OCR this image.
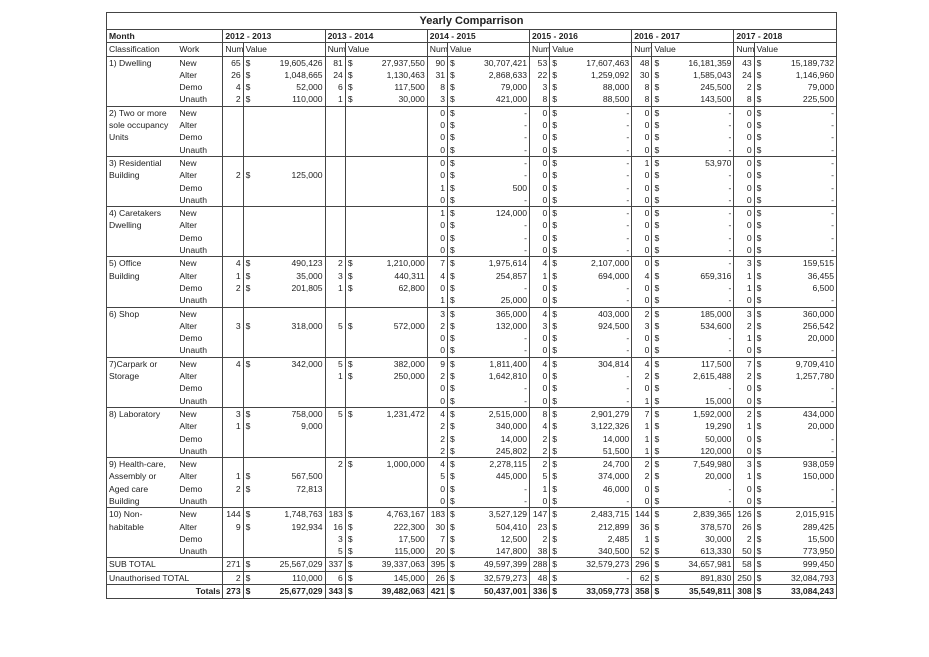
Yearly Comparrison																			
Month		2012 - 2013			2013 - 2014			2014 - 2015			2015 - 2016			2016 - 2017			2017 - 2018		
Classification	Work	Num	Value		Num	Value		Num	Value		Num	Value		Num	Value		Num	Value	
1) Dwelling	New	65	$	19,605,426	81	$	27,937,550	90	$	30,707,421	53	$	17,607,463	48	$	16,181,359	43	$	15,189,732
	Alter	26	$	1,048,665	24	$	1,130,463	31	$	2,868,633	22	$	1,259,092	30	$	1,585,043	24	$	1,146,960
	Demo	4	$	52,000	6	$	117,500	8	$	79,000	3	$	88,000	8	$	245,500	2	$	79,000
	Unauth	2	$	110,000	1	$	30,000	3	$	421,000	8	$	88,500	8	$	143,500	8	$	225,500
2) Two or more	New							0	$	-	0	$	-	0	$	-	0	$	-
sole occupancy	Alter							0	$	-	0	$	-	0	$	-	0	$	-
Units	Demo							0	$	-	0	$	-	0	$	-	0	$	-
	Unauth							0	$	-	0	$	-	0	$	-	0	$	-
3) Residential	New							0	$	-	0	$	-	1	$	53,970	0	$	-
Building	Alter	2	$	125,000				0	$	-	0	$	-	0	$	-	0	$	-
	Demo							1	$	500	0	$	-	0	$	-	0	$	-
	Unauth							0	$	-	0	$	-	0	$	-	0	$	-
4) Caretakers	New							1	$	124,000	0	$	-	0	$	-	0	$	-
Dwelling	Alter							0	$	-	0	$	-	0	$	-	0	$	-
	Demo							0	$	-	0	$	-	0	$	-	0	$	-
	Unauth							0	$	-	0	$	-	0	$	-	0	$	-
5) Office	New	4	$	490,123	2	$	1,210,000	7	$	1,975,614	4	$	2,107,000	0	$	-	3	$	159,515
Building	Alter	1	$	35,000	3	$	440,311	4	$	254,857	1	$	694,000	4	$	659,316	1	$	36,455
	Demo	2	$	201,805	1	$	62,800	0	$	-	0	$	-	0	$	-	1	$	6,500
	Unauth							1	$	25,000	0	$	-	0	$	-	0	$	-
6) Shop	New							3	$	365,000	4	$	403,000	2	$	185,000	3	$	360,000
	Alter	3	$	318,000	5	$	572,000	2	$	132,000	3	$	924,500	3	$	534,600	2	$	256,542
	Demo							0	$	-	0	$	-	0	$	-	1	$	20,000
	Unauth							0	$	-	0	$	-	0	$	-	0	$	-
7)Carpark or	New	4	$	342,000	5	$	382,000	9	$	1,811,400	4	$	304,814	4	$	117,500	7	$	9,709,410
Storage	Alter				1	$	250,000	2	$	1,642,810	0	$	-	2	$	2,615,488	2	$	1,257,780
	Demo							0	$	-	0	$	-	0	$	-	0	$	-
	Unauth							0	$	-	0	$	-	1	$	15,000	0	$	-
8) Laboratory	New	3	$	758,000	5	$	1,231,472	4	$	2,515,000	8	$	2,901,279	7	$	1,592,000	2	$	434,000
	Alter	1	$	9,000				2	$	340,000	4	$	3,122,326	1	$	19,290	1	$	20,000
	Demo							2	$	14,000	2	$	14,000	1	$	50,000	0	$	-
	Unauth							2	$	245,802	2	$	51,500	1	$	120,000	0	$	-
9) Health-care,	New				2	$	1,000,000	4	$	2,278,115	2	$	24,700	2	$	7,549,980	3	$	938,059
Assembly or	Alter	1	$	567,500				5	$	445,000	5	$	374,000	2	$	20,000	1	$	150,000
Aged care	Demo	2	$	72,813				0	$	-	1	$	46,000	0	$	-	0	$	-
Building	Unauth							0	$	-	0	$	-	0	$	-	0	$	-
10) Non-	New	144	$	1,748,763	183	$	4,763,167	183	$	3,527,129	147	$	2,483,715	144	$	2,839,365	126	$	2,015,915
habitable	Alter	9	$	192,934	16	$	222,300	30	$	504,410	23	$	212,899	36	$	378,570	26	$	289,425
	Demo				3	$	17,500	7	$	12,500	2	$	2,485	1	$	30,000	2	$	15,500
	Unauth				5	$	115,000	20	$	147,800	38	$	340,500	52	$	613,330	50	$	773,950
SUB TOTAL		271	$	25,567,029	337	$	39,337,063	395	$	49,597,399	288	$	32,579,273	296	$	34,657,981	58	$	999,450
Unauthorised TOTAL		2	$	110,000	6	$	145,000	26	$	32,579,273	48	$	-	62	$	891,830	250	$	32,084,793
Totals		273	$	25,677,029	343	$	39,482,063	421	$	50,437,001	336	$	33,059,773	358	$	35,549,811	308	$	33,084,243
